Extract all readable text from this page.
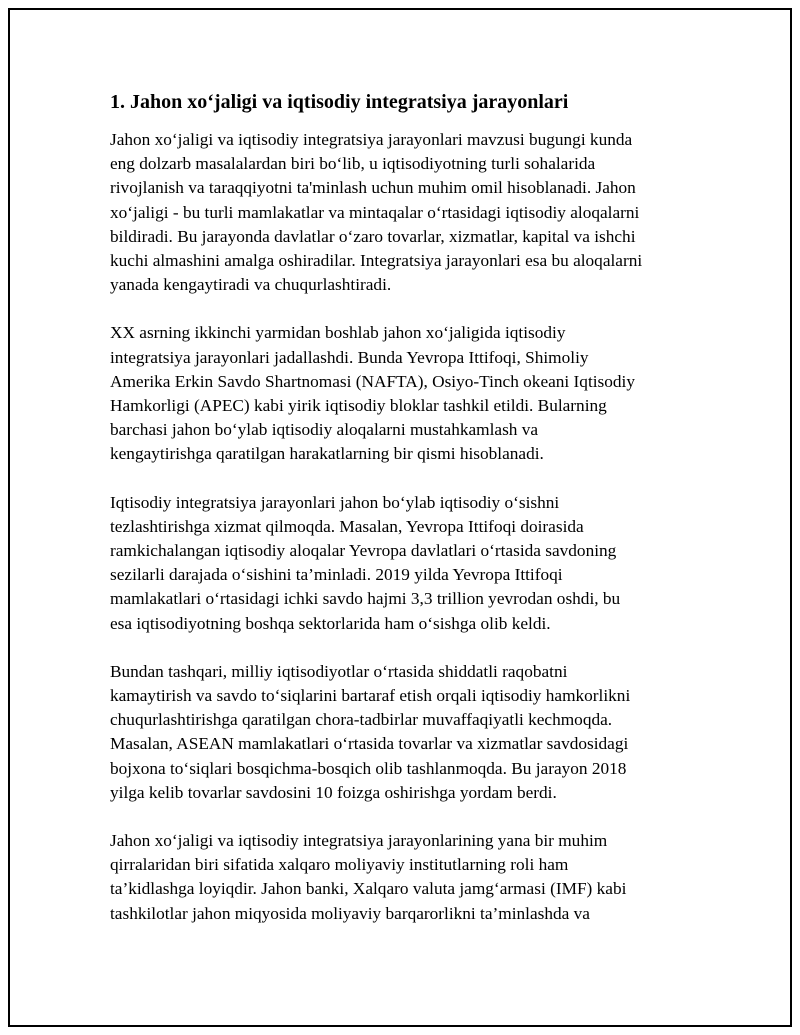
1. Jahon xo‘jaligi va iqtisodiy integratsiya jarayonlari
Jahon xo‘jaligi va iqtisodiy integratsiya jarayonlari mavzusi bugungi kunda
eng dolzarb masalalardan biri bo‘lib, u iqtisodiyotning turli sohalarida
rivojlanish va taraqqiyotni ta'minlash uchun muhim omil hisoblanadi. Jahon
xo‘jaligi - bu turli mamlakatlar va mintaqalar o‘rtasidagi iqtisodiy aloqalarni
bildiradi. Bu jarayonda davlatlar o‘zaro tovarlar, xizmatlar, kapital va ishchi
kuchi almashini amalga oshiradilar. Integratsiya jarayonlari esa bu aloqalarni
yanada kengaytiradi va chuqurlashtiradi.
XX asrning ikkinchi yarmidan boshlab jahon xo‘jaligida iqtisodiy
integratsiya jarayonlari jadallashdi. Bunda Yevropa Ittifoqi, Shimoliy
Amerika Erkin Savdo Shartnomasi (NAFTA), Osiyo-Tinch okeani Iqtisodiy
Hamkorligi (APEC) kabi yirik iqtisodiy bloklar tashkil etildi. Bularning
barchasi jahon bo‘ylab iqtisodiy aloqalarni mustahkamlash va
kengaytirishga qaratilgan harakatlarning bir qismi hisoblanadi.
Iqtisodiy integratsiya jarayonlari jahon bo‘ylab iqtisodiy o‘sishni
tezlashtirishga xizmat qilmoqda. Masalan, Yevropa Ittifoqi doirasida
ramkichalangan iqtisodiy aloqalar Yevropa davlatlari o‘rtasida savdoning
sezilarli darajada o‘sishini ta’minladi. 2019 yilda Yevropa Ittifoqi
mamlakatlari o‘rtasidagi ichki savdo hajmi 3,3 trillion yevrodan oshdi, bu
esa iqtisodiyotning boshqa sektorlarida ham o‘sishga olib keldi.
Bundan tashqari, milliy iqtisodiyotlar o‘rtasida shiddatli raqobatni
kamaytirish va savdo to‘siqlarini bartaraf etish orqali iqtisodiy hamkorlikni
chuqurlashtirishga qaratilgan chora-tadbirlar muvaffaqiyatli kechmoqda.
Masalan, ASEAN mamlakatlari o‘rtasida tovarlar va xizmatlar savdosidagi
bojxona to‘siqlari bosqichma-bosqich olib tashlanmoqda. Bu jarayon 2018
yilga kelib tovarlar savdosini 10 foizga oshirishga yordam berdi.
Jahon xo‘jaligi va iqtisodiy integratsiya jarayonlarining yana bir muhim
qirralaridan biri sifatida xalqaro moliyaviy institutlarning roli ham
ta’kidlashga loyiqdir. Jahon banki, Xalqaro valuta jamg‘armasi (IMF) kabi
tashkilotlar jahon miqyosida moliyaviy barqarorlikni ta’minlashda va
